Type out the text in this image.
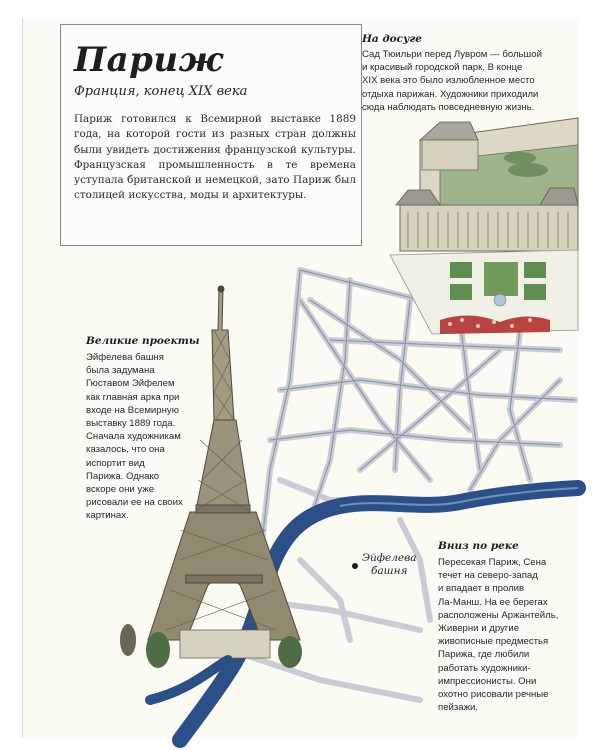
Париж

Франция, конец XIX века

Париж готовился к Всемирной выставке 1889 года, на которой гости из разных стран должны были увидеть достижения французской культуры. Французская промышленность в те времена уступала британской и немецкой, зато Париж был столицей искусства, моды и архитектуры.

На досуге

Сад Тюильри перед Лувром — большой
и красивый городской парк. В конце
XIX века это было излюбленное место
отдыха парижан. Художники приходили
сюда наблюдать повседневную жизнь.

Великие проекты

Эйфелева башня
была задумана
Гюставом Эйфелем
как главная арка при
входе на Всемирную
выставку 1889 года.
Сначала художникам
казалось, что она
испортит вид
Парижа. Однако
вскоре они уже
рисовали ее на своих
картинах.

Вниз по реке

Пересекая Париж, Сена
течет на северо-запад
и впадает в пролив
Ла-Манш. На ее берегах
расположены Аржантейль,
Живерни и другие
живописные предместья
Парижа, где любили
работать художники-
импрессионисты. Они
охотно рисовали речные
пейзажи.
Эйфелева
башня
